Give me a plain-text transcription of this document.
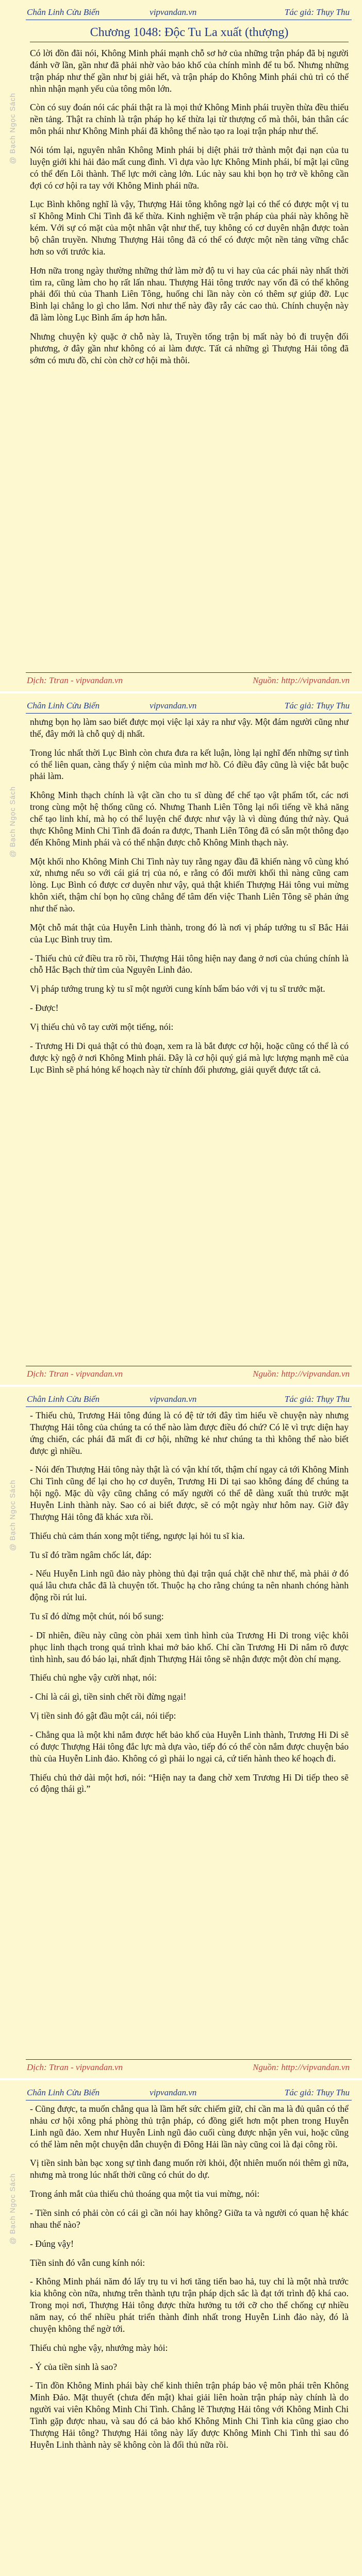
@ Bạch Ngọc Sách
Chân Linh Cửu Biến	vipvandan.vn	Tác giả: Thụy Thu
Chương 1048: Độc Tu La xuất (thượng)

Có lời đồn đãi nói, Không Minh phái mạnh chỗ sơ hở của những trận pháp đã bị người đánh vỡ lần, gần như đã phải nhờ vào bảo khố của chính mình để tu bổ. Nhưng những trận pháp như thế gần như bị giải hết, và trận pháp do Không Minh phái chủ trì có thế nhìn nhận mạnh yếu của tông môn lớn.

Còn có suy đoán nói các phái thật ra là mọi thứ Không Minh phái truyền thừa đều thiếu nền tảng. Thật ra chỉnh là trận pháp họ kế thừa lại từ thượng cổ mà thôi, bản thân các môn phái như Không Minh phái đã không thể nào tạo ra loại trận pháp như thế.

Nói tóm lại, nguyên nhân Không Minh phái bị diệt phải trở thành một đại nạn của tu luyện giới khi hải đảo mất cung đình. Vì dựa vào lực Không Minh phái, bí mật lại cũng có thể đến Lôi thành. Thế lực mới càng lớn. Lúc này sau khi bọn họ trở về không cần đợi có cơ hội ra tay với Không Minh phái nữa.

Lục Bình không nghĩ là vậy, Thượng Hải tông không ngờ lại có thể có được một vị tu sĩ Không Minh Chi Tình đã kế thừa. Kinh nghiệm về trận pháp của phái này không hề kém. Với sự có mặt của một nhân vật như thế, tuy không có cơ duyên nhận được toàn bộ chân truyền. Nhưng Thượng Hải tông đã có thể có được một nền tảng vững chắc hơn so với trước kia.

Hơn nữa trong ngày thường những thứ làm mờ độ tu vi hay của các phái này nhất thời tìm ra, cũng làm cho họ rất lấn nhau. Thượng Hải tông trước nay vốn đã có thể không phải đối thủ của Thanh Liên Tông, huống chi lần này còn có thêm sự giúp đỡ. Lục Bình lại chẳng lo gì cho lắm. Nơi như thế này đầy rẫy các cao thủ. Chính chuyện này đã làm lòng Lục Bình ấm áp hơn hẳn.

Nhưng chuyện kỳ quặc ở chỗ này là, Truyền tống trận bị mất này bỏ đi truyện đối phương, ở đây gần như không có ai làm được. Tất cả những gì Thượng Hải tông đã sớm có mưu đồ, chỉ còn chờ cơ hội mà thôi.

Dịch: Ttran - vipvandan.vn	Nguồn: http://vipvandan.vn
@ Bạch Ngọc Sách
Chân Linh Cửu Biến	vipvandan.vn	Tác giả: Thụy Thu

nhưng bọn họ làm sao biết được mọi việc lại xảy ra như vậy. Một đám người cũng như thế, đây mới là chỗ quỷ dị nhất.

Trong lúc nhất thời Lục Bình còn chưa đưa ra kết luận, lòng lại nghĩ đến những sự tình có thể liên quan, càng thấy ý niệm của mình mơ hồ. Có điều đây cũng là việc bắt buộc phải làm.

Không Minh thạch chính là vật cần cho tu sĩ dùng để chế tạo vật phẩm tốt, các nơi trong cùng một hệ thống cũng có. Nhưng Thanh Liên Tông lại nổi tiếng về khả năng chế tạo linh khí, mà họ có thể luyện chế được như vậy là vì dùng đúng thứ này. Quả thực Không Minh Chi Tình đã đoán ra được, Thanh Liên Tông đã có sẵn một thông đạo đến Không Minh phái và có thể nhận được chỗ Không Minh thạch này.

Một khối nho Không Minh Chi Tình này tuy rằng ngay đầu đã khiến nàng vô cùng khó xử, nhưng nếu so với cái giá trị của nó, e rằng có đổi mười khối thì nàng cũng cam lòng. Lục Bình có được cơ duyên như vậy, quả thật khiến Thượng Hải tông vui mừng khôn xiết, thậm chí bọn họ cũng chẳng để tâm đến việc Thanh Liên Tông sẽ phản ứng như thế nào.

Một chỗ mát thật của Huyễn Linh thành, trong đó là nơi vị pháp tướng tu sĩ Bắc Hải của Lục Bình truy tìm.

- Thiếu chủ cứ điều tra rõ rồi, Thượng Hải tông hiện nay đang ở nơi của chúng chính là chỗ Hắc Bạch thử tìm của Nguyên Linh đảo.

Vị pháp tướng trung kỳ tu sĩ một người cung kính bẩm báo với vị tu sĩ trước mặt.

- Được!

Vị thiếu chủ vô tay cười một tiếng, nói:

- Trương Hi Di quả thật có thủ đoạn, xem ra là bắt được cơ hội, hoặc cũng có thể là có được kỳ ngộ ở nơi Không Minh phái. Đây là cơ hội quý giá mà lực lượng mạnh mẽ của Lục Bình sẽ phá hỏng kế hoạch này từ chính đối phương, giải quyết được tất cả.

Dịch: Ttran - vipvandan.vn	Nguồn: http://vipvandan.vn
@ Bạch Ngọc Sách
Chân Linh Cửu Biến	vipvandan.vn	Tác giả: Thụy Thu

- Thiếu chủ, Trương Hải tông đúng là có đệ tử tới đây tìm hiểu về chuyện này nhưng Thượng Hải tông của chúng ta có thể nào làm được điều đó chứ? Có lẽ vì trực diện hay ứng chiến, các phái đã mất đi cơ hội, những kẻ như chúng ta thì không thể nào biết được gì nhiều.

- Nói đến Thượng Hải tông này thật là có vận khí tốt, thậm chí ngay cả tới Không Minh Chi Tình cũng để lại cho họ cơ duyên, Trương Hi Di tại sao không đáng để chúng ta hội ngộ. Mặc dù vậy cũng chẳng có mấy người có thể dễ dàng xuất thủ trước mặt Huyễn Linh thành này. Sao có ai biết được, sẽ có một ngày như hôm nay. Giờ đây Thượng Hải tông đã khác xưa rồi.

Thiếu chủ cảm thán xong một tiếng, ngược lại hỏi tu sĩ kia.

Tu sĩ đó trầm ngâm chốc lát, đáp:

- Nếu Huyễn Linh ngũ đảo này phòng thủ đại trận quá chặt chẽ như thế, mà phải ở đó quá lâu chưa chắc đã là chuyện tốt. Thuộc hạ cho rằng chúng ta nên nhanh chóng hành động rồi rút lui.

Tu sĩ đó dừng một chút, nói bổ sung:

- Dĩ nhiên, điều này cũng còn phải xem tình hình của Trương Hi Di trong việc khôi phục linh thạch trong quá trình khai mở bảo khố. Chỉ cần Trương Hi Di nắm rõ được tình hình, sau đó báo lại, nhất định Thượng Hải tông sẽ nhận được một đòn chí mạng.

Thiếu chủ nghe vậy cười nhạt, nói:

- Chỉ là cái gì, tiền sinh chết rồi đừng ngại!

Vị tiền sinh đó gật đầu một cái, nói tiếp:

- Chẳng qua là một khi nắm được hết bảo khố của Huyễn Linh thành, Trương Hi Di sẽ có được Thượng Hải tông đắc lực mà dựa vào, tiếp đó có thể còn nắm được chuyện báo thù của Huyễn Linh đảo. Không có gì phải lo ngại cả, cứ tiến hành theo kế hoạch đi.

Thiếu chủ thở dài một hơi, nói: “Hiện nay ta đang chờ xem Trương Hi Di tiếp theo sẽ có động thái gì.”

Dịch: Ttran - vipvandan.vn	Nguồn: http://vipvandan.vn
@ Bạch Ngọc Sách
Chân Linh Cửu Biến	vipvandan.vn	Tác giả: Thụy Thu

- Cũng được, ta muốn chẳng qua là lầm hết sức chiếm giữ, chỉ cần ma là đủ quân có thể nhảu cơ hội xông phá phòng thủ trận pháp, có đồng giết hơn một phen trong Huyễn Linh ngũ đảo. Xem như Huyễn Linh ngũ đảo cuối cùng được nhận yên vui, hoặc cũng có thể làm nên một chuyện dẫn chuyện đi Đông Hải lần này cũng coi là đại công rồi.

Vị tiền sinh bàn bạc xong sự tình đang muốn rời khỏi, đột nhiên muốn nói thêm gì nữa, nhưng mà trong lúc nhất thời cũng có chút do dự.

Trong ánh mắt của thiếu chủ thoáng qua một tia vui mừng, nói:

- Tiền sinh có phải còn có cái gì cần nói hay không? Giữa ta và người có quan hệ khác nhau thế nào?

- Đúng vậy!

Tiền sinh đó vẫn cung kính nói:

- Không Minh phái năm đó lấy trụ tu vi hơi tăng tiến bao hả, tuy chỉ là một nhà trước kia không còn nữa, nhưng trên thành tựu trận pháp dịch sắc là đạt tới trình độ khá cao. Trong mọi nơi, Thượng Hải tông được thừa hưởng tu tới cỡ cho thể chống cự nhiều năm nay, có thể nhiều phát triển thành đỉnh nhất trong Huyễn Linh đảo này, đó là chuyện không thể ngờ tới.

Thiếu chủ nghe vậy, nhướng mày hỏi:

- Ý của tiền sinh là sao?

- Tin đồn Không Minh phái bày chế kinh thiên trận pháp bảo vệ môn phái trên Không Minh Đảo. Mặt thuyết (chưa đến mật) khai giải liên hoàn trận pháp này chính là do người vai viên Không Minh Chi Tình. Chẳng lẽ Thượng Hải tông với Không Minh Chi Tình gặp được nhau, và sau đó cả bảo khố Không Minh Chi Tình kia cũng giao cho Thượng Hải tông? Thượng Hải tông này lấy được Không Minh Chi Tình thì sau đó Huyễn Linh thành này sẽ không còn là đối thủ nữa rồi.
